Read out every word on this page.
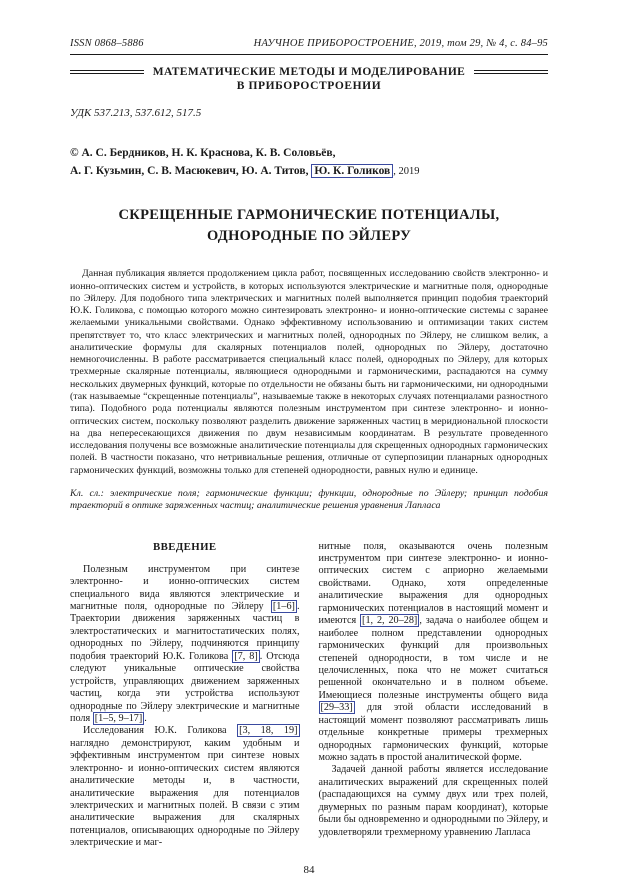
ISSN 0868–5886	НАУЧНОЕ ПРИБОРОСТРОЕНИЕ, 2019, том 29, № 4, c. 84–95
МАТЕМАТИЧЕСКИЕ МЕТОДЫ И МОДЕЛИРОВАНИЕ
В ПРИБОРОСТРОЕНИИ
УДК 537.213, 537.612, 517.5
© А. С. Бердников, Н. К. Краснова, К. В. Соловьёв,
А. Г. Кузьмин, С. В. Масюкевич, Ю. А. Титов, Ю. К. Голиков , 2019
СКРЕЩЕННЫЕ ГАРМОНИЧЕСКИЕ ПОТЕНЦИАЛЫ,
ОДНОРОДНЫЕ ПО ЭЙЛЕРУ
Данная публикация является продолжением цикла работ, посвященных исследованию свойств электронно- и ионно-оптических систем и устройств, в которых используются электрические и магнитные поля, однородные по Эйлеру. Для подобного типа электрических и магнитных полей выполняется принцип подобия траекторий Ю.К. Голикова, с помощью которого можно синтезировать электронно- и ионно-оптические системы с заранее желаемыми уникальными свойствами. Однако эффективному использованию и оптимизации таких систем препятствует то, что класс электрических и магнитных полей, однородных по Эйлеру, не слишком велик, а аналитические формулы для скалярных потенциалов полей, однородных по Эйлеру, достаточно немногочисленны. В работе рассматривается специальный класс полей, однородных по Эйлеру, для которых трехмерные скалярные потенциалы, являющиеся однородными и гармоническими, распадаются на сумму нескольких двумерных функций, которые по отдельности не обязаны быть ни гармоническими, ни однородными (так называемые “скрещенные потенциалы”, называемые также в некоторых случаях потенциалами разностного типа). Подобного рода потенциалы являются полезным инструментом при синтезе электронно- и ионно-оптических систем, поскольку позволяют разделить движение заряженных частиц в меридиональной плоскости на два непересекающихся движения по двум независимым координатам. В результате проведенного исследования получены все возможные аналитические потенциалы для скрещенных однородных гармонических полей. В частности показано, что нетривиальные решения, отличные от суперпозиции планарных однородных гармонических функций, возможны только для степеней однородности, равных нулю и единице.
Кл. сл.: электрические поля; гармонические функции; функции, однородные по Эйлеру; принцип подобия траекторий в оптике заряженных частиц; аналитические решения уравнения Лапласа
ВВЕДЕНИЕ

Полезным инструментом при синтезе электронно- и ионно-оптических систем специального вида являются электрические и магнитные поля, однородные по Эйлеру [1–6] . Траектории движения заряженных частиц в электростатических и магнитостатических полях, однородных по Эйлеру, подчиняются принципу подобия траекторий Ю.К. Голикова [7, 8] . Отсюда следуют уникальные оптические свойства устройств, управляющих движением заряженных частиц, когда эти устройства используют однородные по Эйлеру электрические и магнитные поля [1–5, 9–17] .

Исследования Ю.К. Голикова [3, 18, 19] наглядно демонстрируют, каким удобным и эффективным инструментом при синтезе новых электронно- и ионно-оптических систем являются аналитические методы и, в частности, аналитические выражения для потенциалов электрических и магнитных полей. В связи с этим аналитические выражения для скалярных потенциалов, описывающих однородные по Эйлеру электрические и маг-

нитные поля, оказываются очень полезным инструментом при синтезе электронно- и ионно-оптических систем с априорно желаемыми свойствами. Однако, хотя определенные аналитические выражения для однородных гармонических потенциалов в настоящий момент и имеются [1, 2, 20–28] , задача о наиболее общем и наиболее полном представлении однородных гармонических функций для произвольных степеней однородности, в том числе и не целочисленных, пока что не может считаться решенной окончательно и в полном объеме. Имеющиеся полезные инструменты общего вида [29–33] для этой области исследований в настоящий момент позволяют рассматривать лишь отдельные конкретные примеры трехмерных однородных гармонических функций, которые можно задать в простой аналитической форме.

Задачей данной работы является исследование аналитических выражений для скрещенных полей (распадающихся на сумму двух или трех полей, двумерных по разным парам координат), которые были бы одновременно и однородными по Эйлеру, и удовлетворяли трехмерному уравнению Лапласа

84
